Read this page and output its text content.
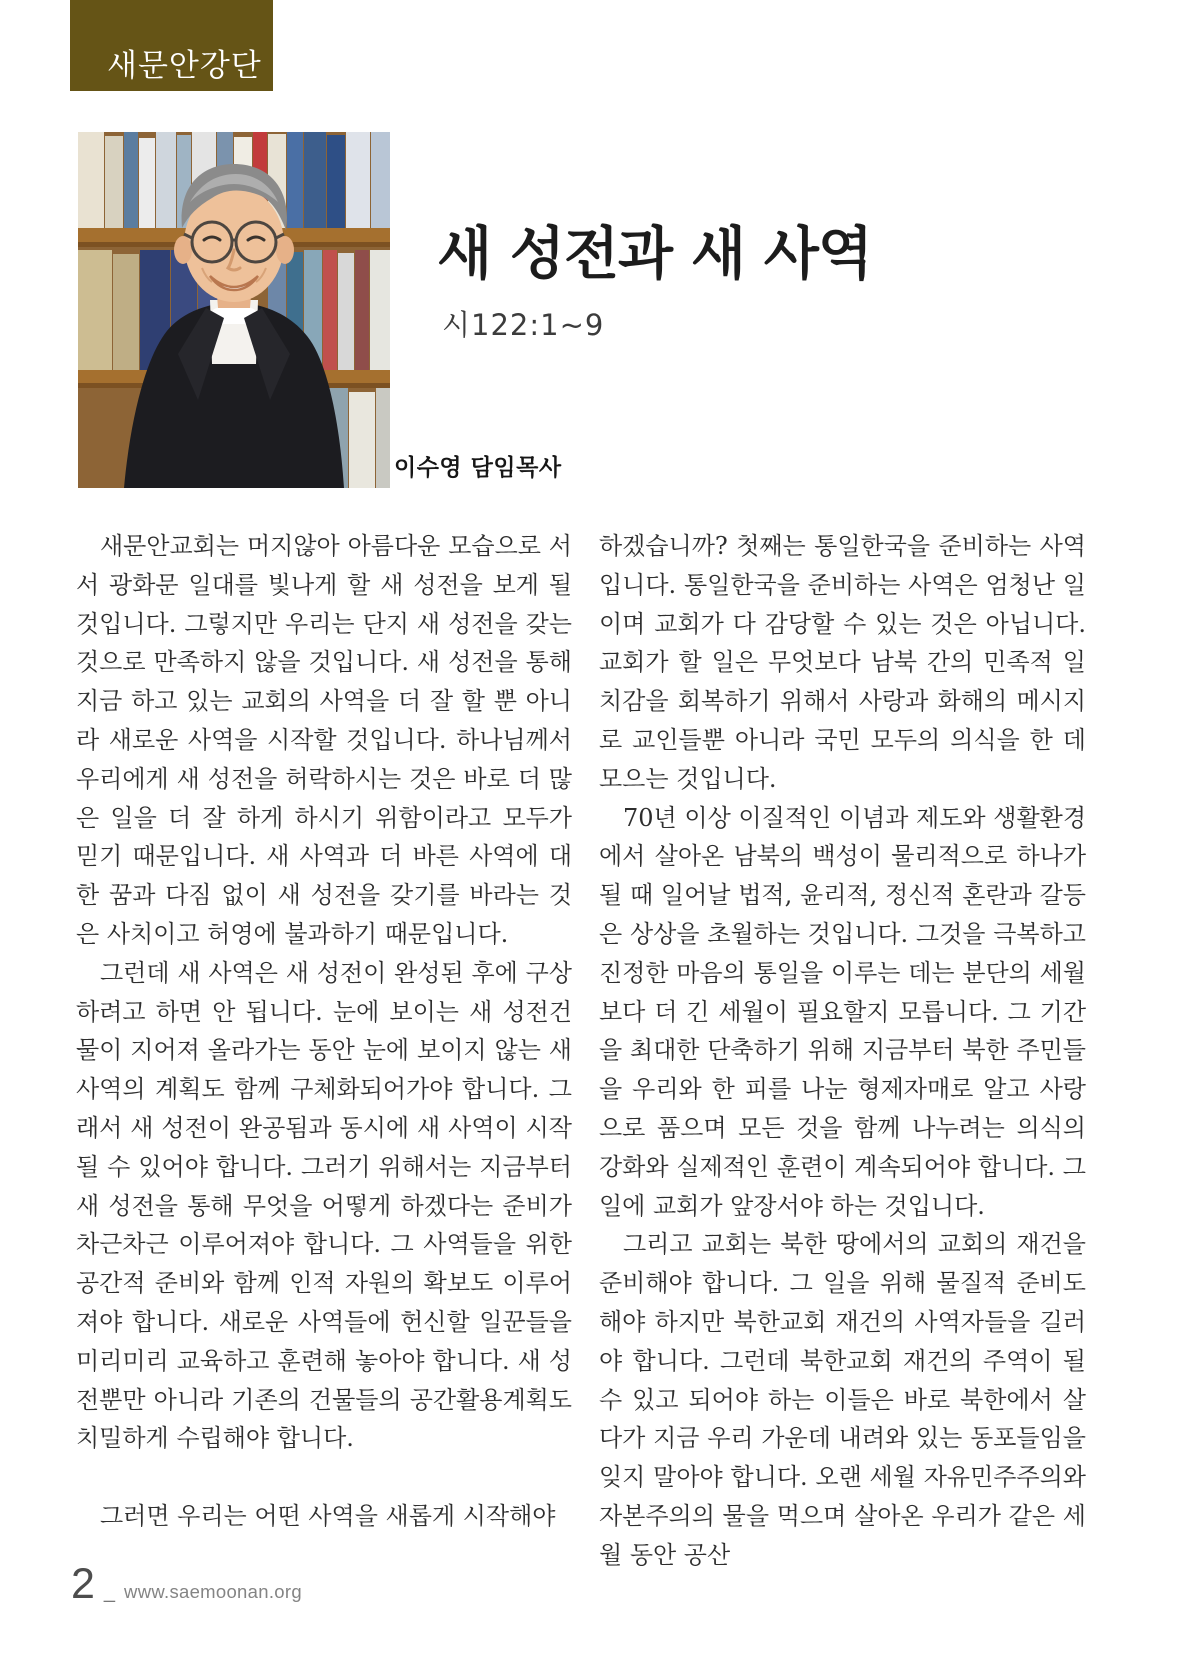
새문안강단
새 성전과 새 사역
시122:1~9
이수영 담임목사

새문안교회는 머지않아 아름다운 모습으로 서서 광화문 일대를 빛나게 할 새 성전을 보게 될 것입니다. 그렇지만 우리는 단지 새 성전을 갖는 것으로 만족하지 않을 것입니다. 새 성전을 통해 지금 하고 있는 교회의 사역을 더 잘 할 뿐 아니라 새로운 사역을 시작할 것입니다. 하나님께서 우리에게 새 성전을 허락하시는 것은 바로 더 많은 일을 더 잘 하게 하시기 위함이라고 모두가 믿기 때문입니다. 새 사역과 더 바른 사역에 대한 꿈과 다짐 없이 새 성전을 갖기를 바라는 것은 사치이고 허영에 불과하기 때문입니다.

그런데 새 사역은 새 성전이 완성된 후에 구상하려고 하면 안 됩니다. 눈에 보이는 새 성전건물이 지어져 올라가는 동안 눈에 보이지 않는 새 사역의 계획도 함께 구체화되어가야 합니다. 그래서 새 성전이 완공됨과 동시에 새 사역이 시작될 수 있어야 합니다. 그러기 위해서는 지금부터 새 성전을 통해 무엇을 어떻게 하겠다는 준비가 차근차근 이루어져야 합니다. 그 사역들을 위한 공간적 준비와 함께 인적 자원의 확보도 이루어져야 합니다. 새로운 사역들에 헌신할 일꾼들을 미리미리 교육하고 훈련해 놓아야 합니다. 새 성전뿐만 아니라 기존의 건물들의 공간활용계획도 치밀하게 수립해야 합니다.

그러면 우리는 어떤 사역을 새롭게 시작해야

하겠습니까? 첫째는 통일한국을 준비하는 사역입니다. 통일한국을 준비하는 사역은 엄청난 일이며 교회가 다 감당할 수 있는 것은 아닙니다. 교회가 할 일은 무엇보다 남북 간의 민족적 일치감을 회복하기 위해서 사랑과 화해의 메시지로 교인들뿐 아니라 국민 모두의 의식을 한 데 모으는 것입니다.

70년 이상 이질적인 이념과 제도와 생활환경에서 살아온 남북의 백성이 물리적으로 하나가 될 때 일어날 법적, 윤리적, 정신적 혼란과 갈등은 상상을 초월하는 것입니다. 그것을 극복하고 진정한 마음의 통일을 이루는 데는 분단의 세월보다 더 긴 세월이 필요할지 모릅니다. 그 기간을 최대한 단축하기 위해 지금부터 북한 주민들을 우리와 한 피를 나눈 형제자매로 알고 사랑으로 품으며 모든 것을 함께 나누려는 의식의 강화와 실제적인 훈련이 계속되어야 합니다. 그 일에 교회가 앞장서야 하는 것입니다.

그리고 교회는 북한 땅에서의 교회의 재건을 준비해야 합니다. 그 일을 위해 물질적 준비도 해야 하지만 북한교회 재건의 사역자들을 길러야 합니다. 그런데 북한교회 재건의 주역이 될 수 있고 되어야 하는 이들은 바로 북한에서 살다가 지금 우리 가운데 내려와 있는 동포들임을 잊지 말아야 합니다. 오랜 세월 자유민주주의와 자본주의의 물을 먹으며 살아온 우리가 같은 세월 동안 공산

2 _ www.saemoonan.org
